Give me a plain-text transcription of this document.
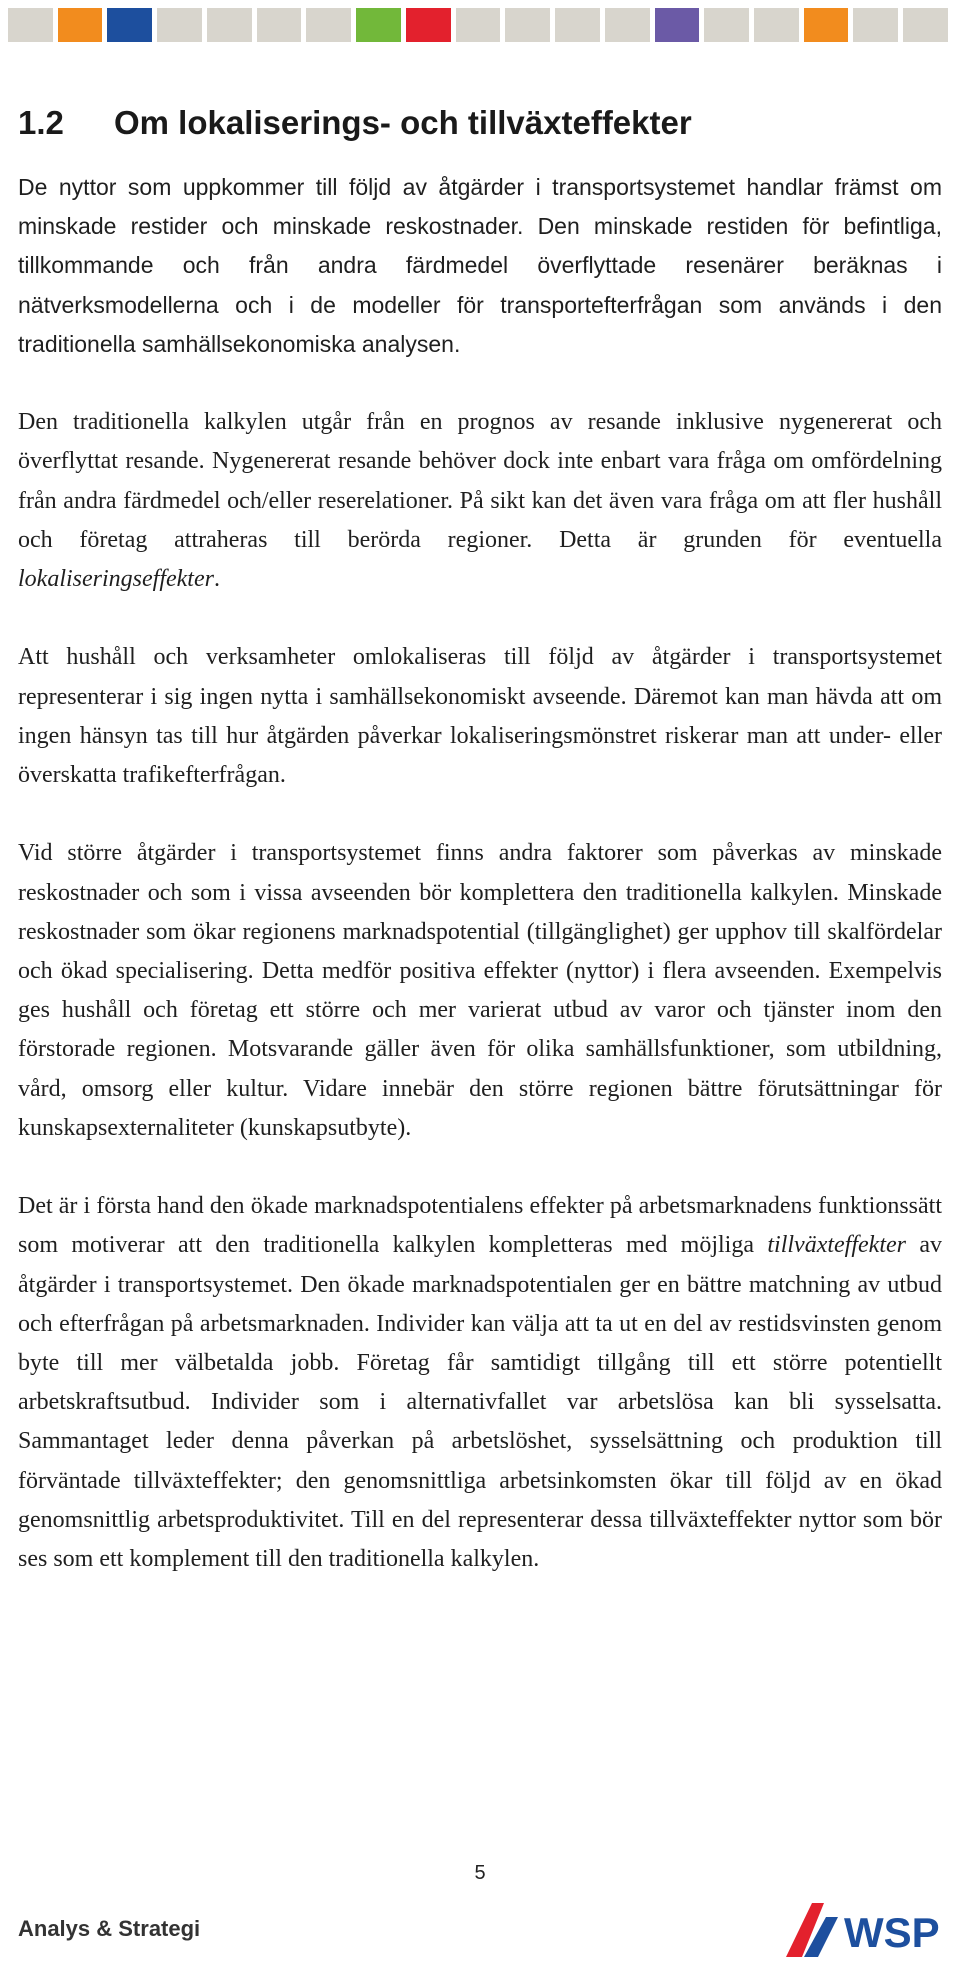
1.2	Om lokaliserings- och tillväxteffekter

De nyttor som uppkommer till följd av åtgärder i transportsystemet handlar främst om minskade restider och minskade reskostnader. Den minskade restiden för befintliga, tillkommande och från andra färdmedel överflyttade resenärer beräknas i nätverksmodellerna och i de modeller för transportefterfrågan som används i den traditionella samhällsekonomiska analysen.

Den traditionella kalkylen utgår från en prognos av resande inklusive nygenererat och överflyttat resande. Nygenererat resande behöver dock inte enbart vara fråga om omfördelning från andra färdmedel och/eller reserelationer. På sikt kan det även vara fråga om att fler hushåll och företag attraheras till berörda regioner. Detta är grunden för eventuella lokaliseringseffekter.

Att hushåll och verksamheter omlokaliseras till följd av åtgärder i transportsystemet representerar i sig ingen nytta i samhällsekonomiskt avseende. Däremot kan man hävda att om ingen hänsyn tas till hur åtgärden påverkar lokaliseringsmönstret riskerar man att under- eller överskatta trafikefterfrågan.

Vid större åtgärder i transportsystemet finns andra faktorer som påverkas av minskade reskostnader och som i vissa avseenden bör komplettera den traditionella kalkylen. Minskade reskostnader som ökar regionens marknadspotential (tillgänglighet) ger upphov till skalfördelar och ökad specialisering. Detta medför positiva effekter (nyttor) i flera avseenden. Exempelvis ges hushåll och företag ett större och mer varierat utbud av varor och tjänster inom den förstorade regionen. Motsvarande gäller även för olika samhällsfunktioner, som utbildning, vård, omsorg eller kultur. Vidare innebär den större regionen bättre förutsättningar för kunskapsexternaliteter (kunskapsutbyte).

Det är i första hand den ökade marknadspotentialens effekter på arbetsmarknadens funktionssätt som motiverar att den traditionella kalkylen kompletteras med möjliga tillväxteffekter av åtgärder i transportsystemet. Den ökade marknadspotentialen ger en bättre matchning av utbud och efterfrågan på arbetsmarknaden. Individer kan välja att ta ut en del av restidsvinsten genom byte till mer välbetalda jobb. Företag får samtidigt tillgång till ett större potentiellt arbetskraftsutbud. Individer som i alternativfallet var arbetslösa kan bli sysselsatta. Sammantaget leder denna påverkan på arbetslöshet, sysselsättning och produktion till förväntade tillväxteffekter; den genomsnittliga arbetsinkomsten ökar till följd av en ökad genomsnittlig arbetsproduktivitet. Till en del representerar dessa tillväxteffekter nyttor som bör ses som ett komplement till den traditionella kalkylen.

5
Analys & Strategi	WSP
